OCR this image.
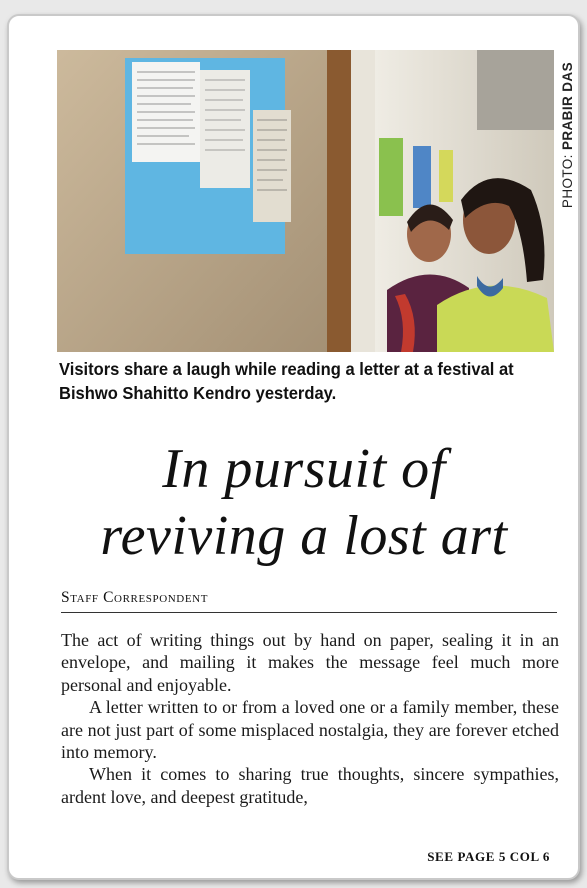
PHOTO: PRABIR DAS
Visitors share a laugh while reading a letter at a festival at Bishwo Shahitto Kendro yesterday.
In pursuit of
reviving a lost art
Staff Correspondent

The act of writing things out by hand on paper, sealing it in an envelope, and mailing it makes the message feel much more personal and enjoyable.

A letter written to or from a loved one or a family member, these are not just part of some misplaced nostalgia, they are forever etched into memory.

When it comes to sharing true thoughts, sincere sympathies, ardent love, and deepest gratitude,

SEE PAGE 5 COL 6
